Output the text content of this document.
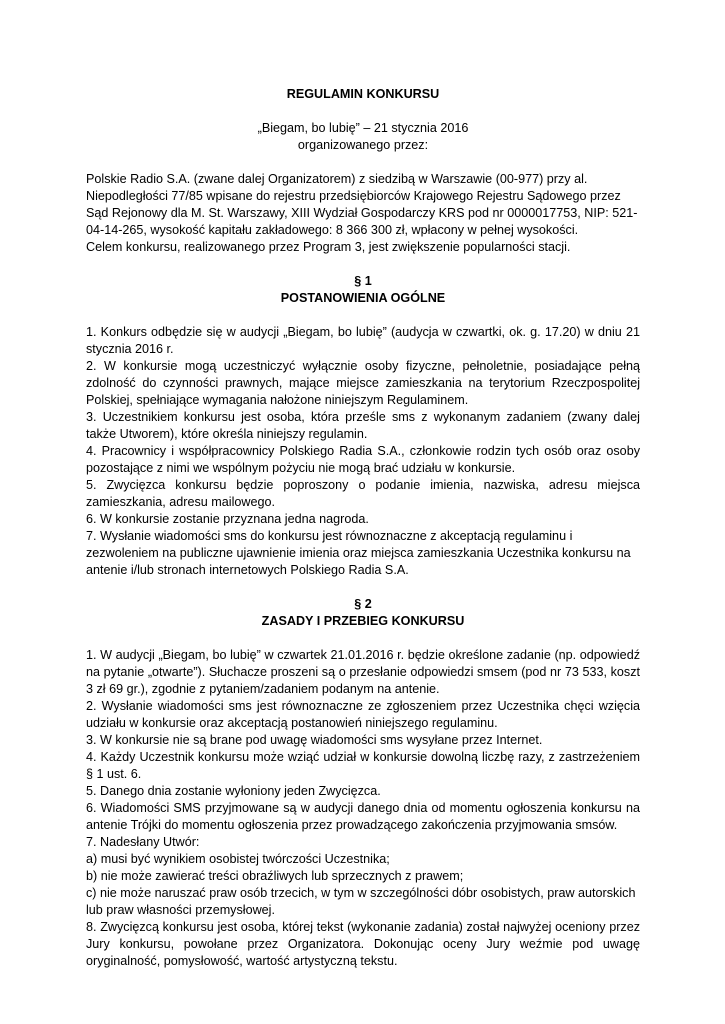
REGULAMIN KONKURSU

„Biegam, bo lubię” – 21 stycznia 2016

organizowanego przez:

Polskie Radio S.A. (zwane dalej Organizatorem) z siedzibą w Warszawie (00-977) przy al. Niepodległości 77/85 wpisane do rejestru przedsiębiorców Krajowego Rejestru Sądowego przez Sąd Rejonowy dla M. St. Warszawy, XIII Wydział Gospodarczy KRS pod nr 0000017753, NIP: 521-04-14-265, wysokość kapitału zakładowego: 8 366 300 zł, wpłacony w pełnej wysokości.

Celem konkursu, realizowanego przez Program 3, jest zwiększenie popularności stacji.

§ 1

POSTANOWIENIA OGÓLNE

1. Konkurs odbędzie się w audycji „Biegam, bo lubię” (audycja w czwartki, ok. g. 17.20) w dniu 21 stycznia 2016 r.

2. W konkursie mogą uczestniczyć wyłącznie osoby fizyczne, pełnoletnie, posiadające pełną zdolność do czynności prawnych, mające miejsce zamieszkania na terytorium Rzeczpospolitej Polskiej, spełniające wymagania nałożone niniejszym Regulaminem.

3. Uczestnikiem konkursu jest osoba, która prześle sms z wykonanym zadaniem (zwany dalej także Utworem), które określa niniejszy regulamin.

4. Pracownicy i współpracownicy Polskiego Radia S.A., członkowie rodzin tych osób oraz osoby pozostające z nimi we wspólnym pożyciu nie mogą brać udziału w konkursie.

5. Zwycięzca konkursu będzie poproszony o podanie imienia, nazwiska, adresu miejsca zamieszkania, adresu mailowego.

6. W konkursie zostanie przyznana jedna nagroda.

7. Wysłanie wiadomości sms do konkursu jest równoznaczne z akceptacją regulaminu i zezwoleniem na publiczne ujawnienie imienia oraz miejsca zamieszkania Uczestnika konkursu na antenie i/lub stronach internetowych Polskiego Radia S.A.

§ 2

ZASADY I PRZEBIEG KONKURSU

1. W audycji „Biegam, bo lubię” w czwartek 21.01.2016 r. będzie określone zadanie (np. odpowiedź na pytanie „otwarte”). Słuchacze proszeni są o przesłanie odpowiedzi smsem (pod nr 73 533, koszt 3 zł 69 gr.), zgodnie z pytaniem/zadaniem podanym na antenie.

2. Wysłanie wiadomości sms jest równoznaczne ze zgłoszeniem przez Uczestnika chęci wzięcia udziału w konkursie oraz akceptacją postanowień niniejszego regulaminu.

3. W konkursie nie są brane pod uwagę wiadomości sms wysyłane przez Internet.

4. Każdy Uczestnik konkursu może wziąć udział w konkursie dowolną liczbę razy, z zastrzeżeniem § 1 ust. 6.

5. Danego dnia zostanie wyłoniony jeden Zwycięzca.

6. Wiadomości SMS przyjmowane są w audycji danego dnia od momentu ogłoszenia konkursu na antenie Trójki do momentu ogłoszenia przez prowadzącego zakończenia przyjmowania smsów.

7. Nadesłany Utwór:

a) musi być wynikiem osobistej twórczości Uczestnika;

b) nie może zawierać treści obraźliwych lub sprzecznych z prawem;

c) nie może naruszać praw osób trzecich, w tym w szczególności dóbr osobistych, praw autorskich lub praw własności przemysłowej.

8. Zwycięzcą konkursu jest osoba, której tekst (wykonanie zadania) został najwyżej oceniony przez Jury konkursu, powołane przez Organizatora. Dokonując oceny Jury weźmie pod uwagę oryginalność, pomysłowość, wartość artystyczną tekstu.
